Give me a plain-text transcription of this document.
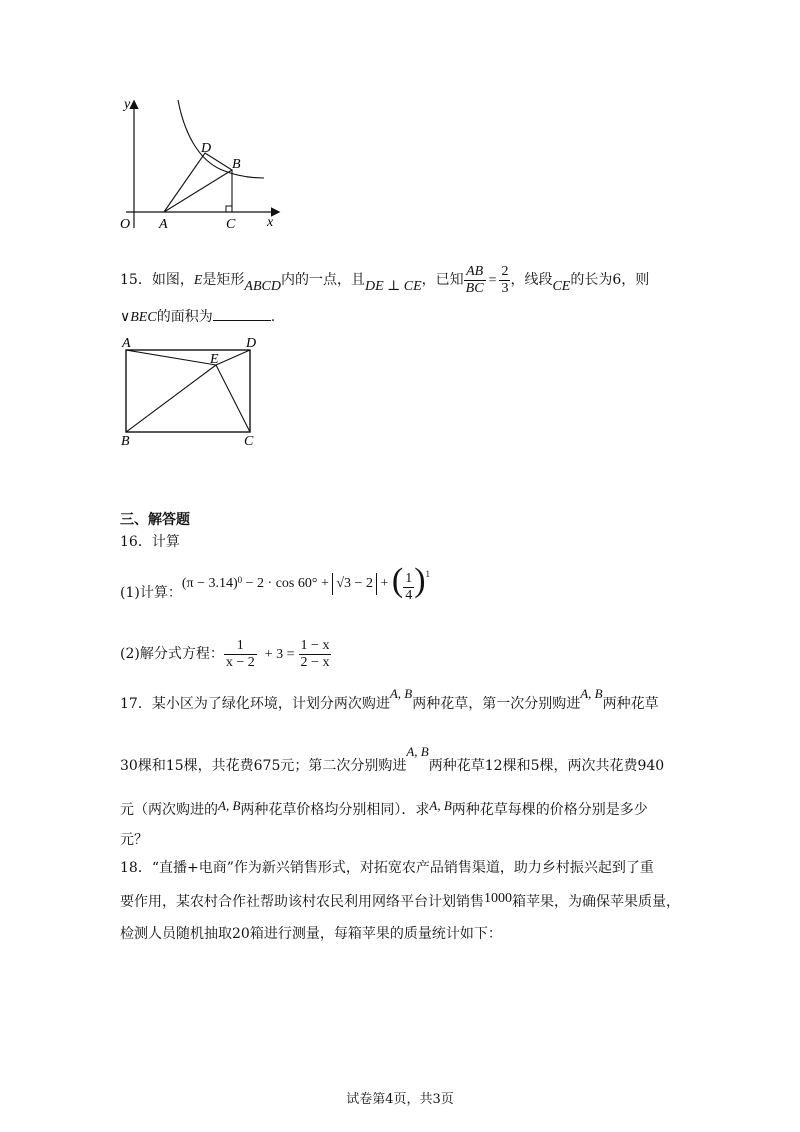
y
x
O A	C
D
B
15．如图，E是矩形ABCD内的一点，且DE ⊥ CE，已知 $\frac{AB}{BC} = \frac{2}{3}$ ，线段CE的长为6，则
∨BEC的面积为	.
A	D
E
B	C
三、解答题
16．计算
(1)计算：$(\pi - 3.14)^0 - 2 \cdot \cos 60^\circ + √3 - 2$ + ( $\frac{1}{4} )^1$
(2)解分式方程： $\frac{1}{x - 2} + 3 = \frac{1 - x}{2 - x}$
17．某小区为了绿化环境，计划分两次购进A, B两种花草，第一次分别购进A, B两种花草
30棵和15棵，共花费675元；第二次分别购进A, B两种花草12棵和5棵，两次共花费940
元（两次购进的A, B两种花草价格均分别相同）．求A, B两种花草每棵的价格分别是多少
元？
18．“直播+电商”作为新兴销售形式，对拓宽农产品销售渠道，助力乡村振兴起到了重
要作用，某农村合作社帮助该村农民利用网络平台计划销售1000箱苹果，为确保苹果质量，
检测人员随机抽取20箱进行测量，每箱苹果的质量统计如下：
试卷第4页，共3页
